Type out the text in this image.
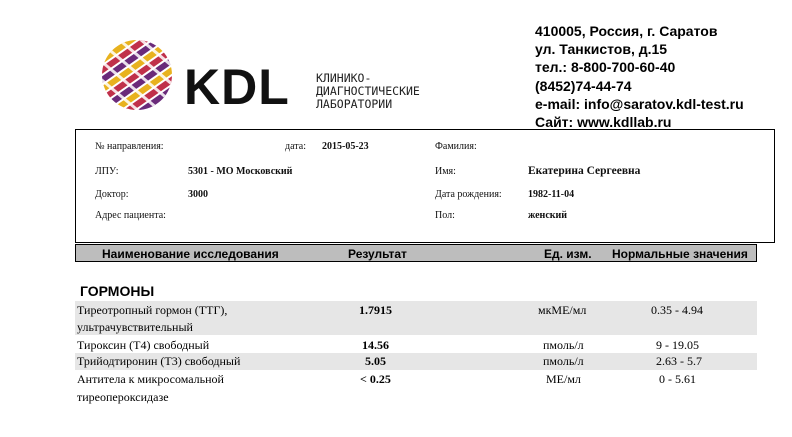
KDL КЛИНИКО-
ДИАГНОСТИЧЕСКИЕ
ЛАБОРАТОРИИ
410005, Россия, г. Саратов
ул. Танкистов, д.15
тел.: 8-800-700-60-40
(8452)74-44-74
e-mail: info@saratov.kdl-test.ru
Сайт: www.kdllab.ru
№ направления:	дата: 2015-05-23	Фамилия:
ЛПУ:	5301 - МО Московский	Имя:	Екатерина Сергеевна
Доктор:	3000	Дата рождения:	1982-11-04
Адрес пациента:	Пол:	женский
Наименование исследования	Результат	Ед. изм. Нормальные значения
ГОРМОНЫ
Тиреотропный гормон (ТТГ),
ультрачувствительный
1.7915	мкМЕ/мл	0.35 - 4.94
Тироксин (Т4) свободный	14.56	пмоль/л	9 - 19.05
Трийодтиронин (Т3) свободный	5.05	пмоль/л	2.63 - 5.7
Антитела к микросомальной
тиреопероксидазе
< 0.25	МЕ/мл	0 - 5.61
